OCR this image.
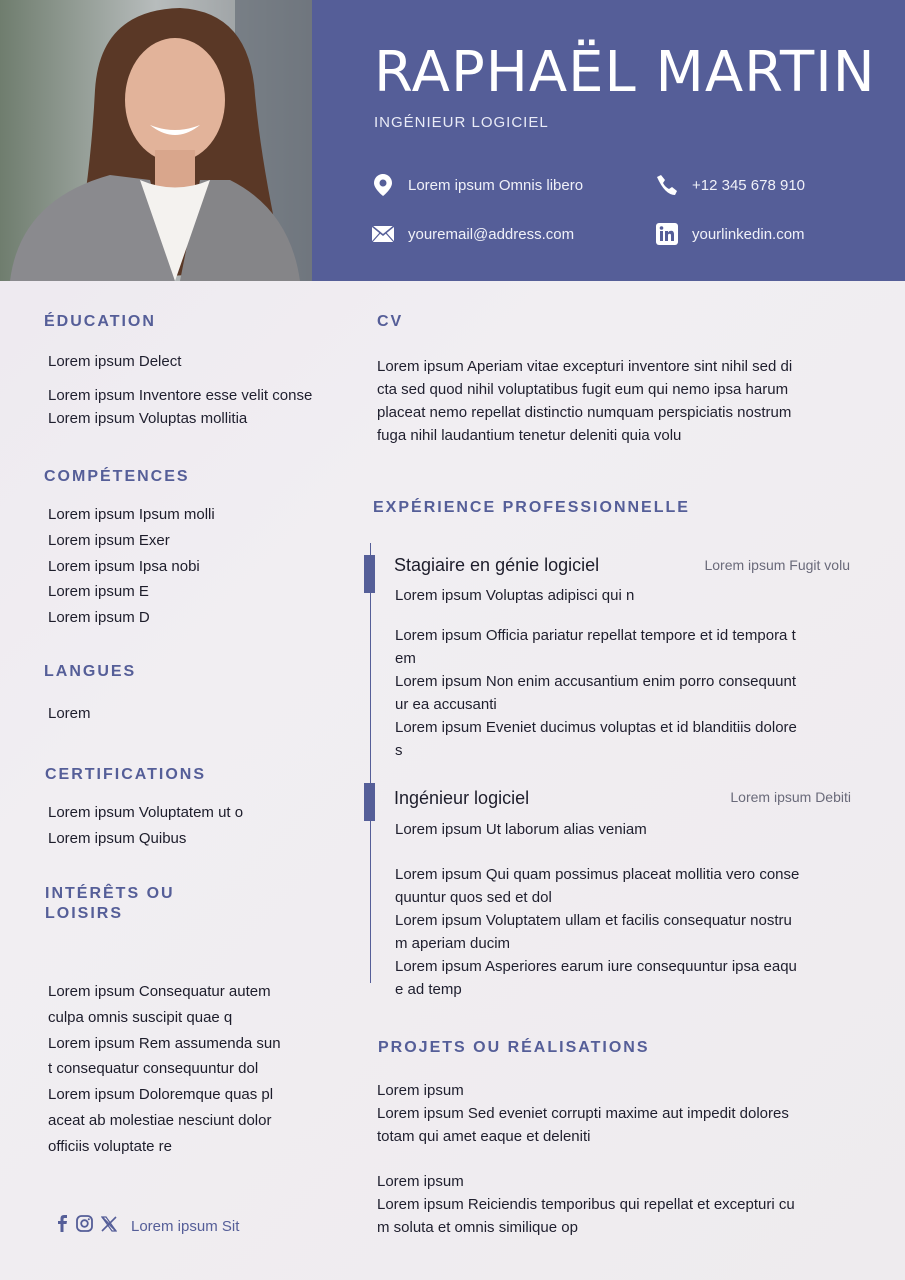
RAPHAËL MARTIN
INGÉNIEUR LOGICIEL
Lorem ipsum Omnis libero	+12 345 678 910
youremail@address.com	yourlinkedin.com
ÉDUCATION
Lorem ipsum Delect
Lorem ipsum Inventore esse velit conse
Lorem ipsum Voluptas mollitia
COMPÉTENCES
Lorem ipsum Ipsum molli
Lorem ipsum Exer
Lorem ipsum Ipsa nobi
Lorem ipsum E
Lorem ipsum D
LANGUES
Lorem
CERTIFICATIONS
Lorem ipsum Voluptatem ut o
Lorem ipsum Quibus
INTÉRÊTS OU
LOISIRS
Lorem ipsum Consequatur autem
culpa omnis suscipit quae q
Lorem ipsum Rem assumenda sun
t consequatur consequuntur dol
Lorem ipsum Doloremque quas pl
aceat ab molestiae nesciunt dolor
officiis voluptate re
Lorem ipsum Sit
CV
Lorem ipsum Aperiam vitae excepturi inventore sint nihil sed di
cta sed quod nihil voluptatibus fugit eum qui nemo ipsa harum
placeat nemo repellat distinctio numquam perspiciatis nostrum
fuga nihil laudantium tenetur deleniti quia volu
EXPÉRIENCE PROFESSIONNELLE
Stagiaire en génie logiciel	Lorem ipsum Fugit volu
Lorem ipsum Voluptas adipisci qui n
Lorem ipsum Officia pariatur repellat tempore et id tempora t
em
Lorem ipsum Non enim accusantium enim porro consequunt
ur ea accusanti
Lorem ipsum Eveniet ducimus voluptas et id blanditiis dolore
s
Ingénieur logiciel	Lorem ipsum Debiti
Lorem ipsum Ut laborum alias veniam
Lorem ipsum Qui quam possimus placeat mollitia vero conse
quuntur quos sed et dol
Lorem ipsum Voluptatem ullam et facilis consequatur nostru
m aperiam ducim
Lorem ipsum Asperiores earum iure consequuntur ipsa eaqu
e ad temp
PROJETS OU RÉALISATIONS
Lorem ipsum
Lorem ipsum Sed eveniet corrupti maxime aut impedit dolores
totam qui amet eaque et deleniti
Lorem ipsum
Lorem ipsum Reiciendis temporibus qui repellat et excepturi cu
m soluta et omnis similique op
